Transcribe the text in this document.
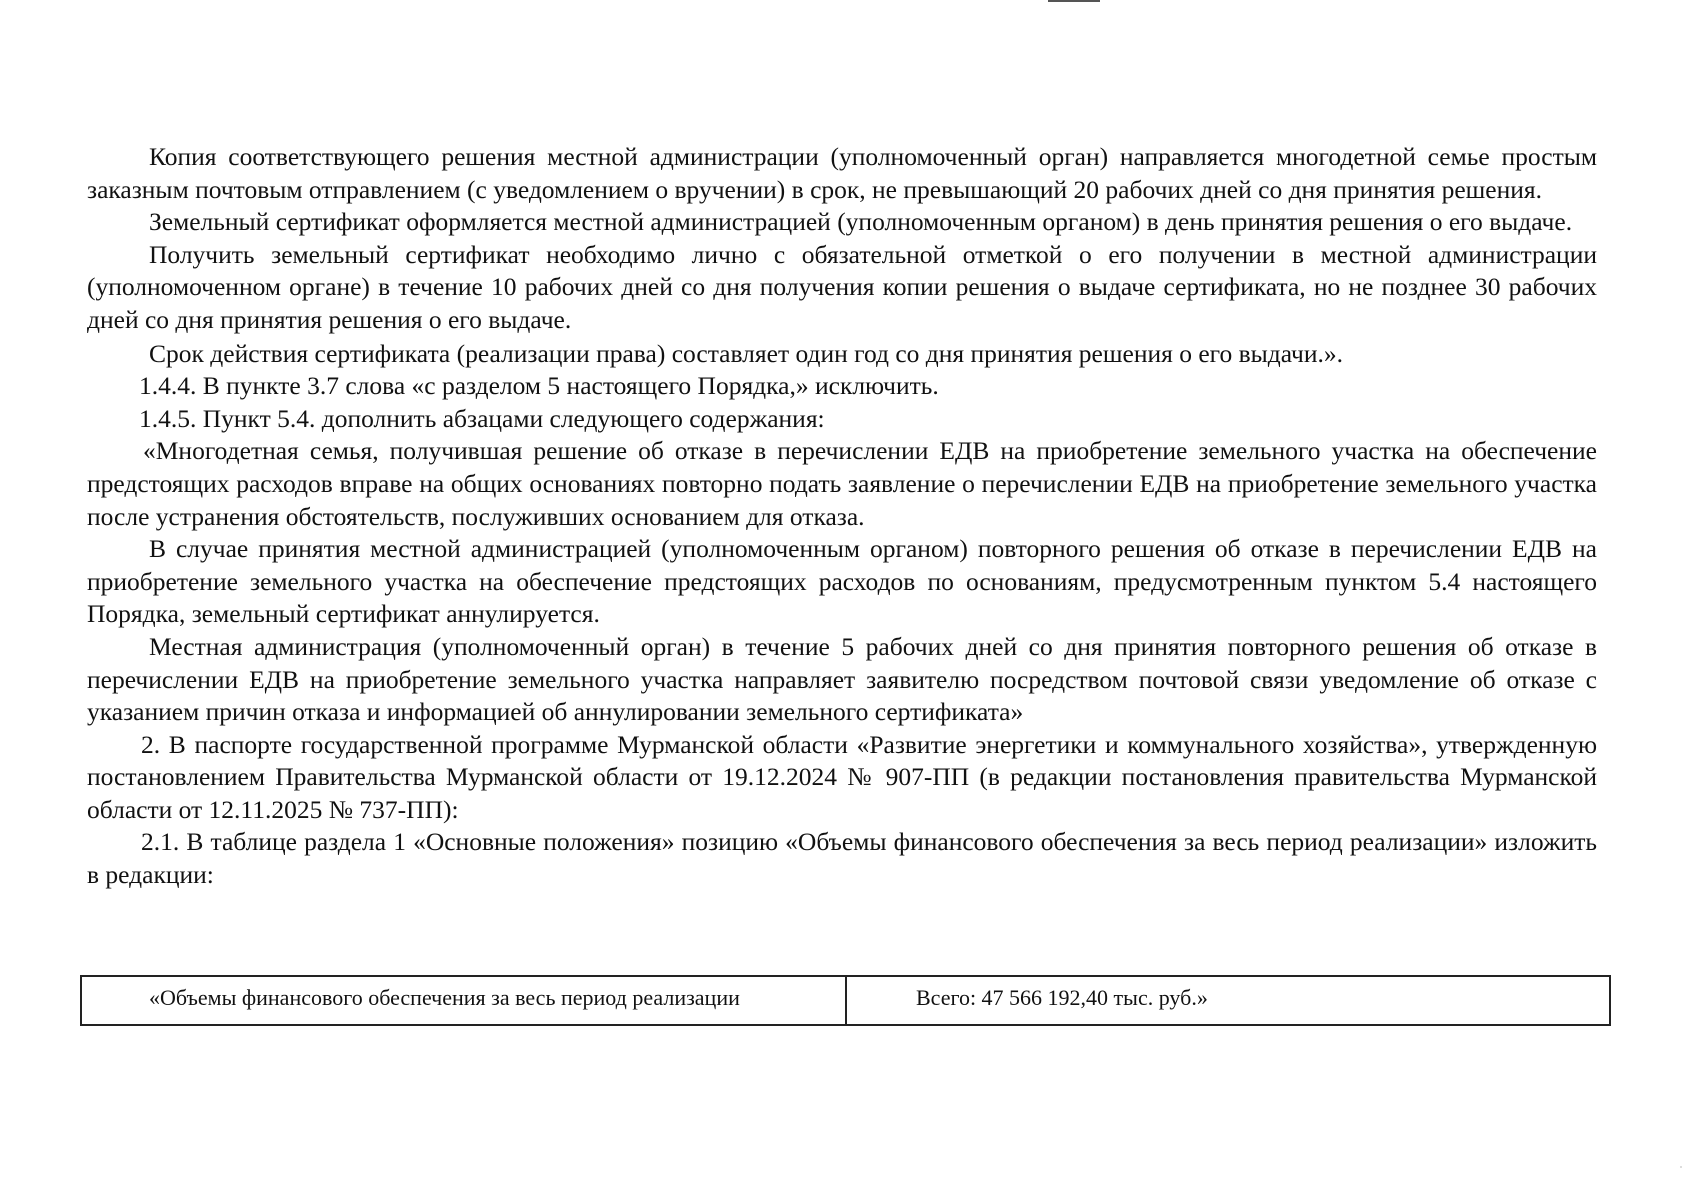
Копия соответствующего решения местной администрации (уполномоченный орган) направляется многодетной семье простым заказным почтовым отправлением (с уведомлением о вручении) в срок, не превышающий 20 рабочих дней со дня принятия решения.

Земельный сертификат оформляется местной администрацией (уполномоченным органом) в день принятия решения о его выдаче.

Получить земельный сертификат необходимо лично с обязательной отметкой о его получении в местной администрации (уполномоченном органе) в течение 10 рабочих дней со дня получения копии решения о выдаче сертификата, но не позднее 30 рабочих дней со дня принятия решения о его выдаче.

Срок действия сертификата (реализации права) составляет один год со дня принятия решения о его выдачи.».

1.4.4. В пункте 3.7 слова «с разделом 5 настоящего Порядка,» исключить.

1.4.5. Пункт 5.4. дополнить абзацами следующего содержания:

«Многодетная семья, получившая решение об отказе в перечислении ЕДВ на приобретение земельного участка на обеспечение предстоящих расходов вправе на общих основаниях повторно подать заявление о перечислении ЕДВ на приобретение земельного участка после устранения обстоятельств, послуживших основанием для отказа.

В случае принятия местной администрацией (уполномоченным органом) повторного решения об отказе в перечислении ЕДВ на приобретение земельного участка на обеспечение предстоящих расходов по основаниям, предусмотренным пунктом 5.4 настоящего Порядка, земельный сертификат аннулируется.

Местная администрация (уполномоченный орган) в течение 5 рабочих дней со дня принятия повторного решения об отказе в перечислении ЕДВ на приобретение земельного участка направляет заявителю посредством почтовой связи уведомление об отказе с указанием причин отказа и информацией об аннулировании земельного сертификата»

2. В паспорте государственной программе Мурманской области «Развитие энергетики и коммунального хозяйства», утвержденную постановлением Правительства Мурманской области от 19.12.2024 № 907-ПП (в редакции постановления правительства Мурманской области от 12.11.2025 № 737-ПП):

2.1. В таблице раздела 1 «Основные положения» позицию «Объемы финансового обеспечения за весь период реализации» изложить в редакции:

«Объемы финансового обеспечения за весь период реализации	Всего: 47 566 192,40 тыс. руб.»
